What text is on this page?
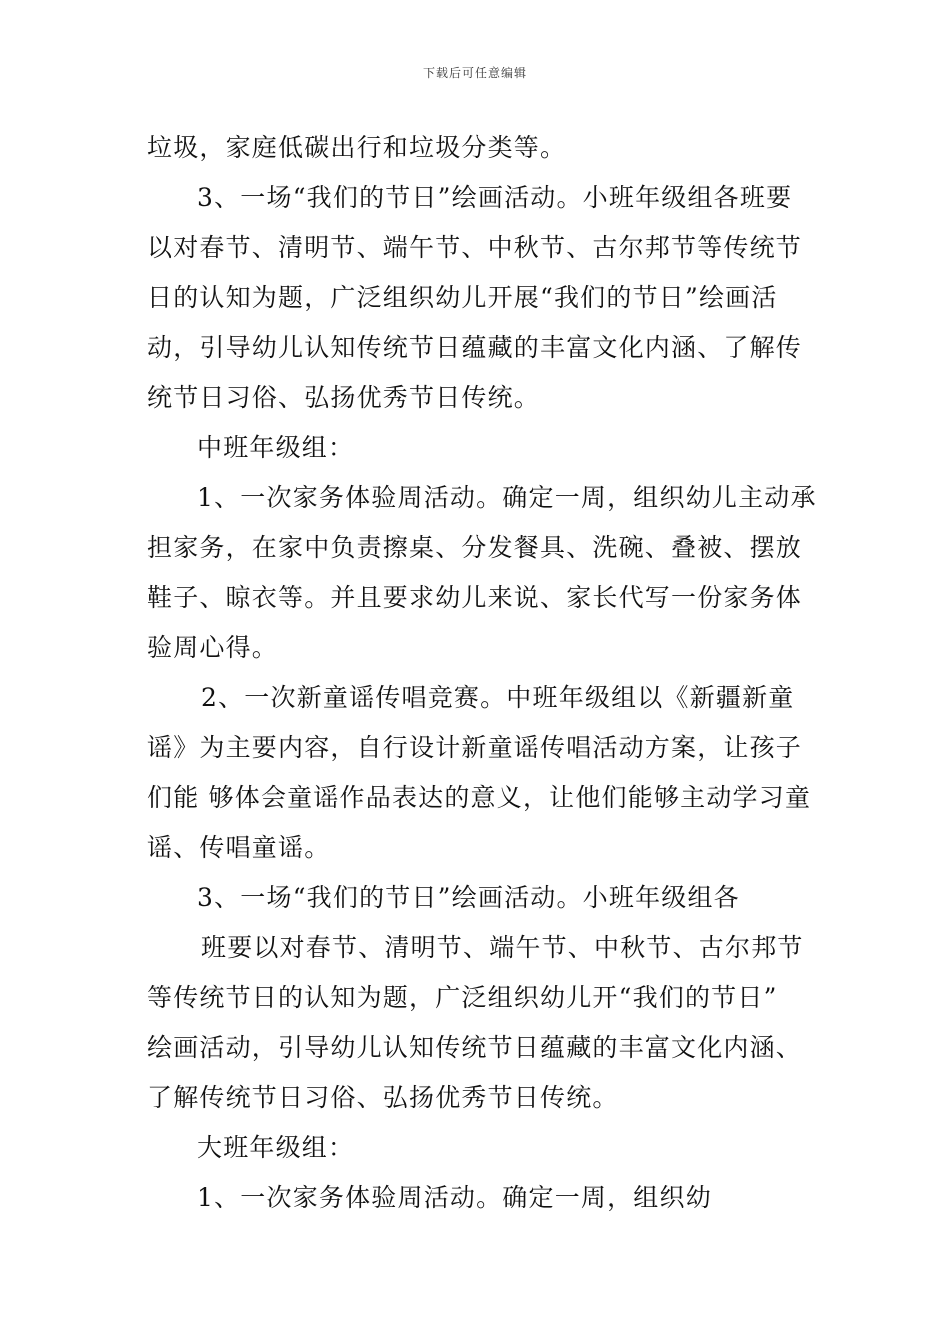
下载后可任意编辑
垃圾，家庭低碳出行和垃圾分类等。
3、一场“我们的节日”绘画活动。小班年级组各班要
以对春节、清明节、端午节、中秋节、古尔邦节等传统节
日的认知为题，广泛组织幼儿开展“我们的节日”绘画活
动，引导幼儿认知传统节日蕴藏的丰富文化内涵、了解传
统节日习俗、弘扬优秀节日传统。
中班年级组：
1、一次家务体验周活动。确定一周，组织幼儿主动承
担家务，在家中负责擦桌、分发餐具、洗碗、叠被、摆放
鞋子、晾衣等。并且要求幼儿来说、家长代写一份家务体
验周心得。
2、一次新童谣传唱竞赛。中班年级组以《新疆新童
谣》为主要内容，自行设计新童谣传唱活动方案，让孩子
们能 够体会童谣作品表达的意义，让他们能够主动学习童
谣、传唱童谣。
3、一场“我们的节日”绘画活动。小班年级组各
班要以对春节、清明节、端午节、中秋节、古尔邦节
等传统节日的认知为题，广泛组织幼儿开“我们的节日”
绘画活动，引导幼儿认知传统节日蕴藏的丰富文化内涵、
了解传统节日习俗、弘扬优秀节日传统。
大班年级组：
1、一次家务体验周活动。确定一周，组织幼
